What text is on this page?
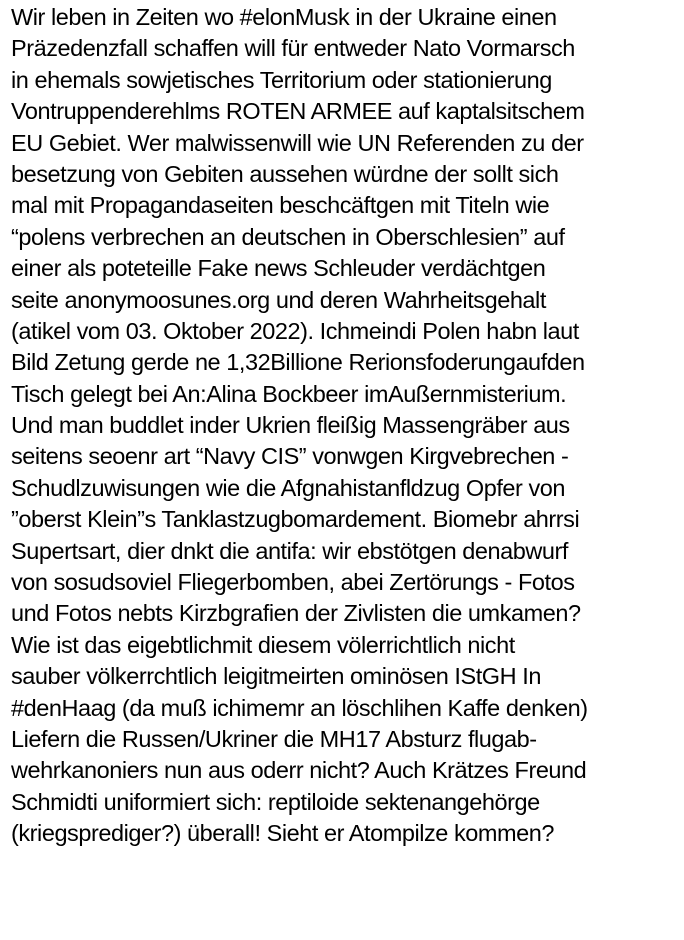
Wir leben in Zeiten wo #elonMusk in der Ukraine einen
Präzedenzfall schaffen will für entweder Nato Vormarsch
in ehemals sowjetisches Territorium oder stationierung
Vontruppenderehlms ROTEN ARMEE auf kaptalsitschem
EU Gebiet. Wer malwissenwill wie UN Referenden zu der
besetzung von Gebiten aussehen würdne der sollt sich
mal mit Propagandaseiten beschcäftgen mit Titeln wie
“polens verbrechen an deutschen in Oberschlesien” auf
einer als poteteille Fake news Schleuder verdächtgen
seite anonymoosunes.org und deren Wahrheitsgehalt
(atikel vom 03. Oktober 2022). Ichmeindi Polen habn laut
Bild Zetung gerde ne 1,32Billione Rerionsfoderungaufden
Tisch gelegt bei An:Alina Bockbeer imAußernmisterium.
Und man buddlet inder Ukrien fleißig Massengräber aus
seitens seoenr art “Navy CIS” vonwgen Kirgvebrechen -
Schudlzuwisungen wie die Afgnahistanfldzug Opfer von
”oberst Klein”s Tanklastzugbomardement. Biomebr ahrrsi
Supertsart, dier dnkt die antifa: wir ebstötgen denabwurf
von sosudsoviel Fliegerbomben, abei Zertörungs - Fotos
und Fotos nebts Kirzbgrafien der Zivlisten die umkamen?
Wie ist das eigebtlichmit diesem völerrichtlich nicht
sauber völkerrchtlich leigitmeirten ominösen IStGH In
#denHaag (da muß ichimemr an löschlihen Kaffe denken)
Liefern die Russen/Ukriner die MH17 Absturz flugab-
wehrkanoniers nun aus oderr nicht? Auch Krätzes Freund
Schmidti uniformiert sich: reptiloide sektenangehörge
(kriegsprediger?) überall! Sieht er Atompilze kommen?
